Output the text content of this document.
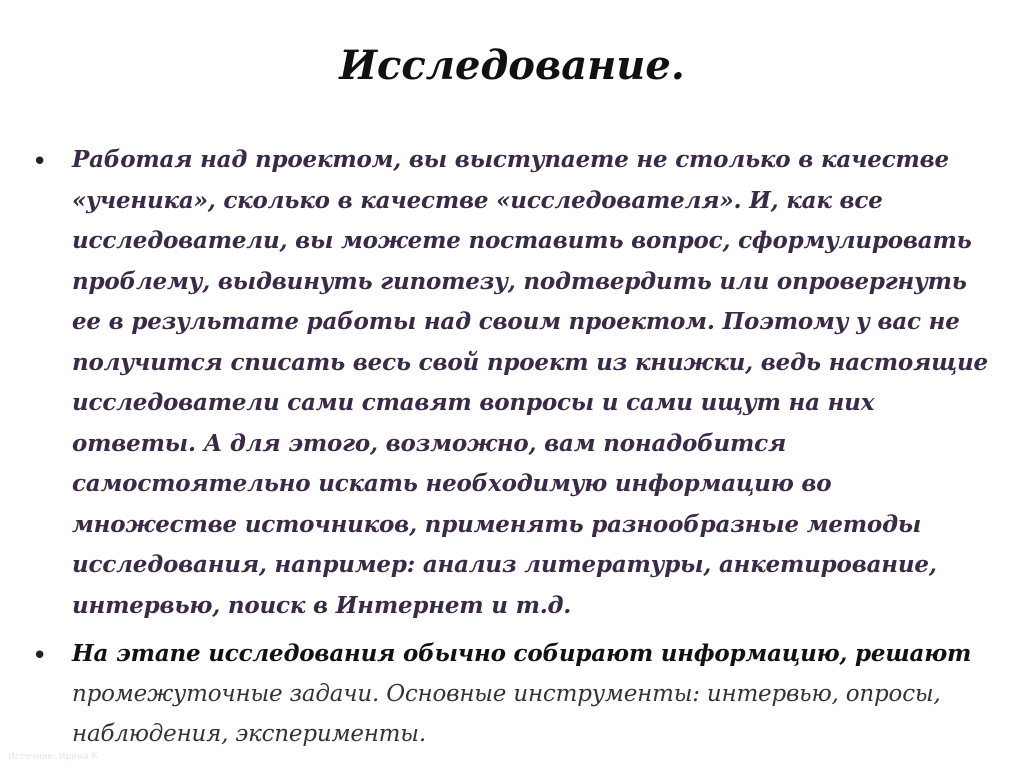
Исследование.
• Работая над проектом, вы выступаете не столько в качестве «ученика», сколько в качестве «исследователя». И, как все исследователи, вы можете поставить вопрос, сформулировать проблему, выдвинуть гипотезу, подтвердить или опровергнуть ее в результате работы над своим проектом. Поэтому у вас не получится списать весь свой проект из книжки, ведь настоящие исследователи сами ставят вопросы и сами ищут на них ответы. А для этого, возможно, вам понадобится самостоятельно искать необходимую информацию во множестве источников, применять разнообразные методы исследования, например: анализ литературы, анкетирование, интервью, поиск в Интернет и т.д.

• На этапе исследования обычно собирают информацию, решают промежуточные задачи. Основные инструменты: интервью, опросы, наблюдения, эксперименты.

Источник: Ирина К.
